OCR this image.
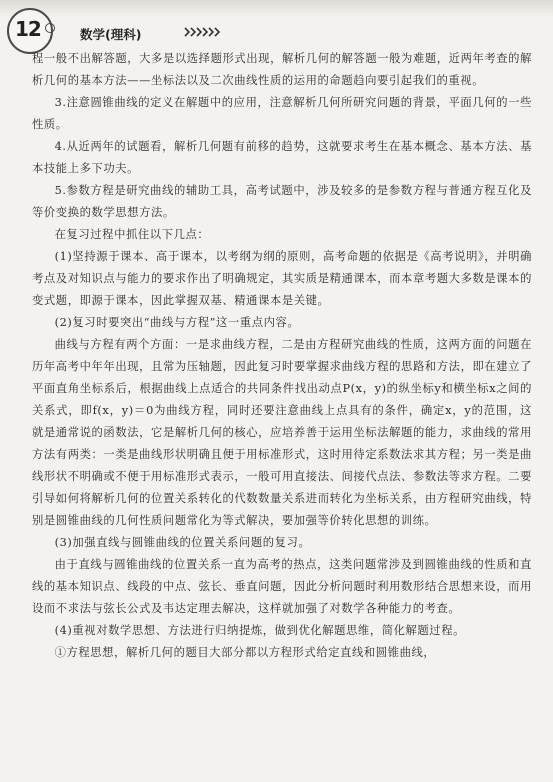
12	数学(理科)

程一般不出解答题，大多是以选择题形式出现，解析几何的解答题一般为难题，近两年考查的解析几何的基本方法——坐标法以及二次曲线性质的运用的命题趋向要引起我们的重视。

3.注意圆锥曲线的定义在解题中的应用，注意解析几何所研究问题的背景，平面几何的一些性质。

4.从近两年的试题看，解析几何题有前移的趋势，这就要求考生在基本概念、基本方法、基本技能上多下功夫。

5.参数方程是研究曲线的辅助工具，高考试题中，涉及较多的是参数方程与普通方程互化及等价变换的数学思想方法。

在复习过程中抓住以下几点：

(1)坚持源于课本、高于课本，以考纲为纲的原则，高考命题的依据是《高考说明》，并明确考点及对知识点与能力的要求作出了明确规定，其实质是精通课本，而本章考题大多数是课本的变式题，即源于课本，因此掌握双基、精通课本是关键。

(2)复习时要突出“曲线与方程”这一重点内容。

曲线与方程有两个方面：一是求曲线方程，二是由方程研究曲线的性质，这两方面的问题在历年高考中年年出现，且常为压轴题，因此复习时要掌握求曲线方程的思路和方法，即在建立了平面直角坐标系后，根据曲线上点适合的共同条件找出动点P(x，y)的纵坐标y和横坐标x之间的关系式，即f(x，y)＝0为曲线方程，同时还要注意曲线上点具有的条件，确定x，y的范围，这就是通常说的函数法，它是解析几何的核心，应培养善于运用坐标法解题的能力，求曲线的常用方法有两类：一类是曲线形状明确且便于用标准形式，这时用待定系数法求其方程；另一类是曲线形状不明确或不便于用标准形式表示，一般可用直接法、间接代点法、参数法等求方程。二要引导如何将解析几何的位置关系转化的代数数量关系进而转化为坐标关系，由方程研究曲线，特别是圆锥曲线的几何性质问题常化为等式解决，要加强等价转化思想的训练。

(3)加强直线与圆锥曲线的位置关系问题的复习。

由于直线与圆锥曲线的位置关系一直为高考的热点，这类问题常涉及到圆锥曲线的性质和直线的基本知识点、线段的中点、弦长、垂直问题，因此分析问题时利用数形结合思想来设，而用设而不求法与弦长公式及韦达定理去解决，这样就加强了对数学各种能力的考查。

(4)重视对数学思想、方法进行归纳提炼，做到优化解题思维，简化解题过程。

①方程思想，解析几何的题目大部分都以方程形式给定直线和圆锥曲线，
